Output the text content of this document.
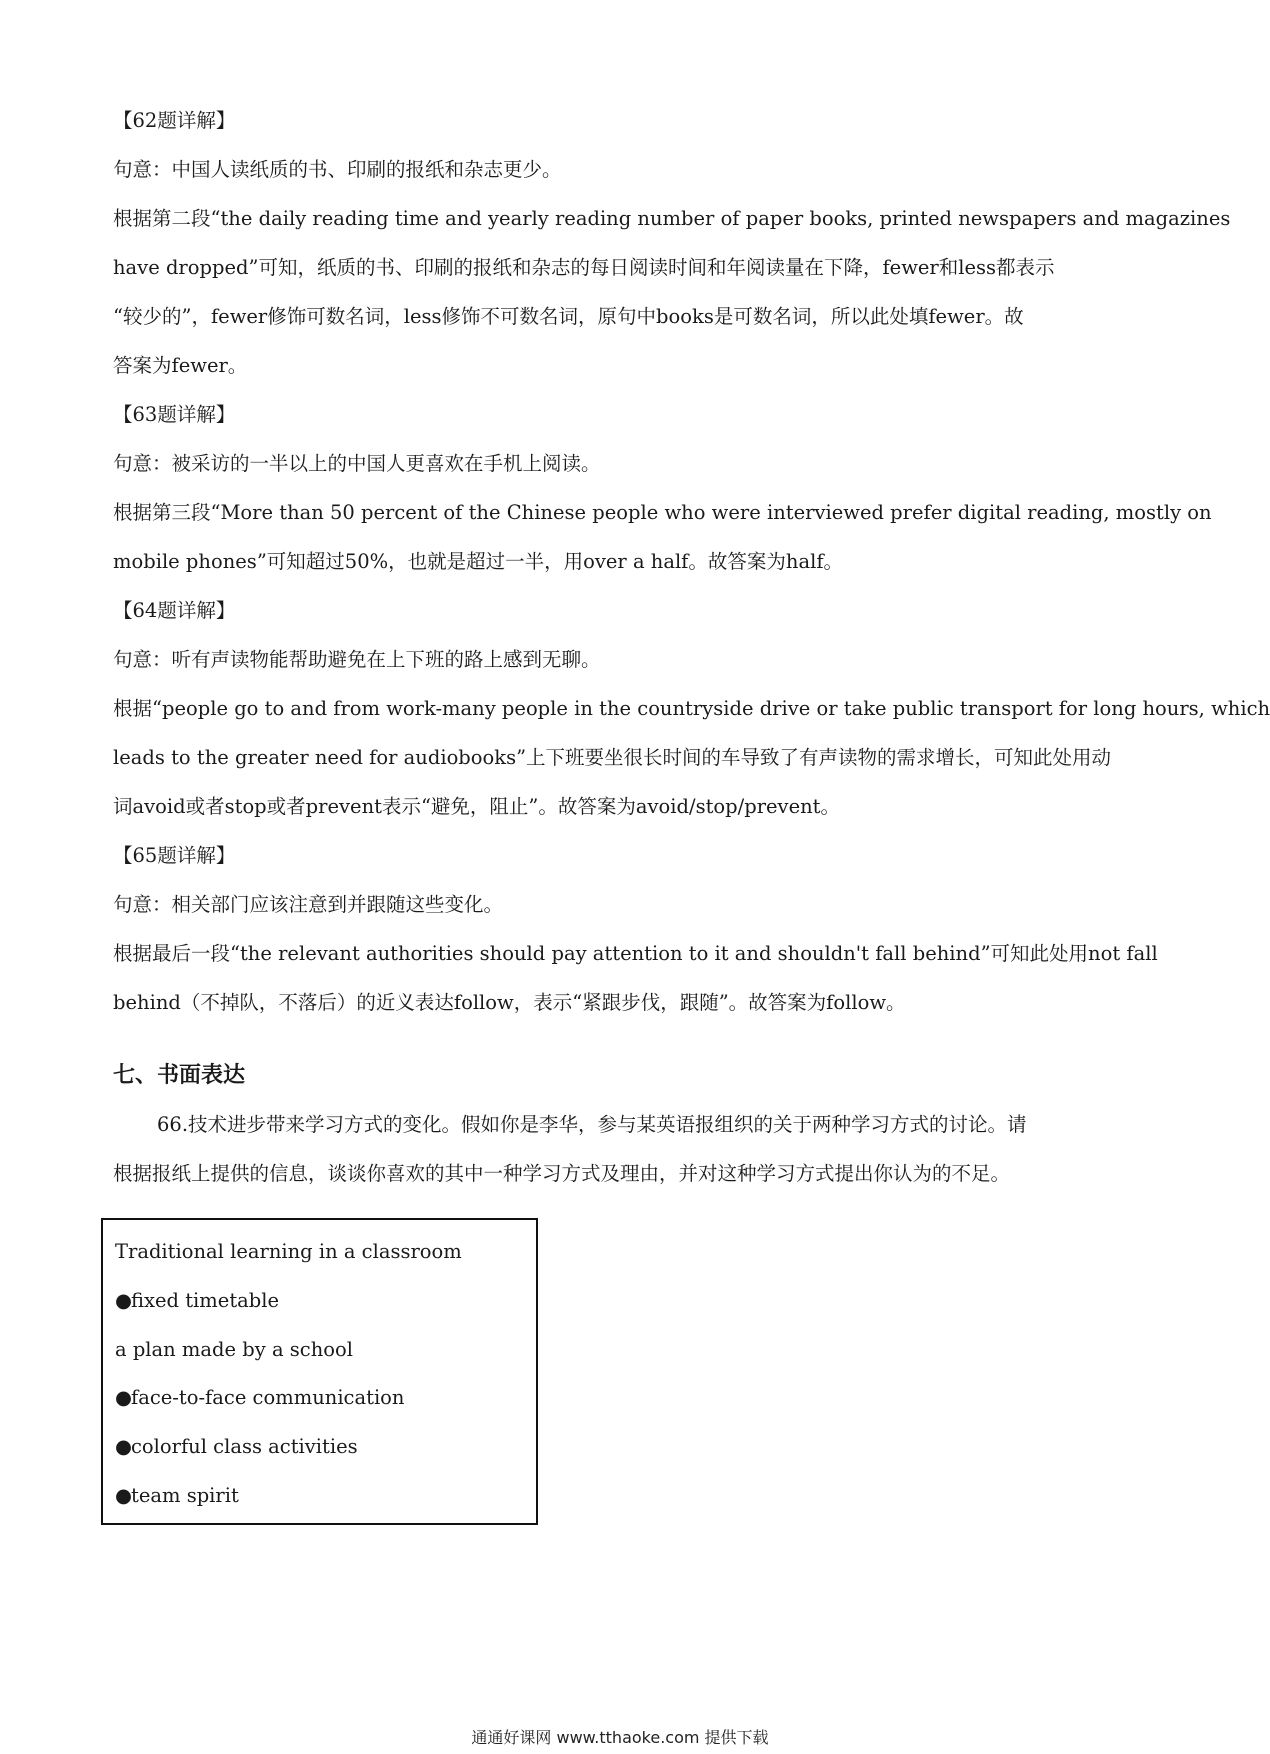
【62题详解】
句意：中国人读纸质的书、印刷的报纸和杂志更少。
根据第二段“the daily reading time and yearly reading number of paper books, printed newspapers and magazines
have dropped”可知，纸质的书、印刷的报纸和杂志的每日阅读时间和年阅读量在下降，fewer和less都表示
“较少的”，fewer修饰可数名词，less修饰不可数名词，原句中books是可数名词，所以此处填fewer。故
答案为fewer。
【63题详解】
句意：被采访的一半以上的中国人更喜欢在手机上阅读。
根据第三段“More than 50 percent of the Chinese people who were interviewed prefer digital reading, mostly on
mobile phones”可知超过50%，也就是超过一半，用over a half。故答案为half。
【64题详解】
句意：听有声读物能帮助避免在上下班的路上感到无聊。
根据“people go to and from work-many people in the countryside drive or take public transport for long hours, which
leads to the greater need for audiobooks”上下班要坐很长时间的车导致了有声读物的需求增长，可知此处用动
词avoid或者stop或者prevent表示“避免，阻止”。故答案为avoid/stop/prevent。
【65题详解】
句意：相关部门应该注意到并跟随这些变化。
根据最后一段“the relevant authorities should pay attention to it and shouldn't fall behind”可知此处用not fall
behind（不掉队，不落后）的近义表达follow，表示“紧跟步伐，跟随”。故答案为follow。
七、书面表达
66.技术进步带来学习方式的变化。假如你是李华，参与某英语报组织的关于两种学习方式的讨论。请
根据报纸上提供的信息，谈谈你喜欢的其中一种学习方式及理由，并对这种学习方式提出你认为的不足。
Traditional learning in a classroom
●fixed timetable
a plan made by a school
●face-to-face communication
●colorful class activities
●team spirit
通通好课网 www.tthaoke.com 提供下载
